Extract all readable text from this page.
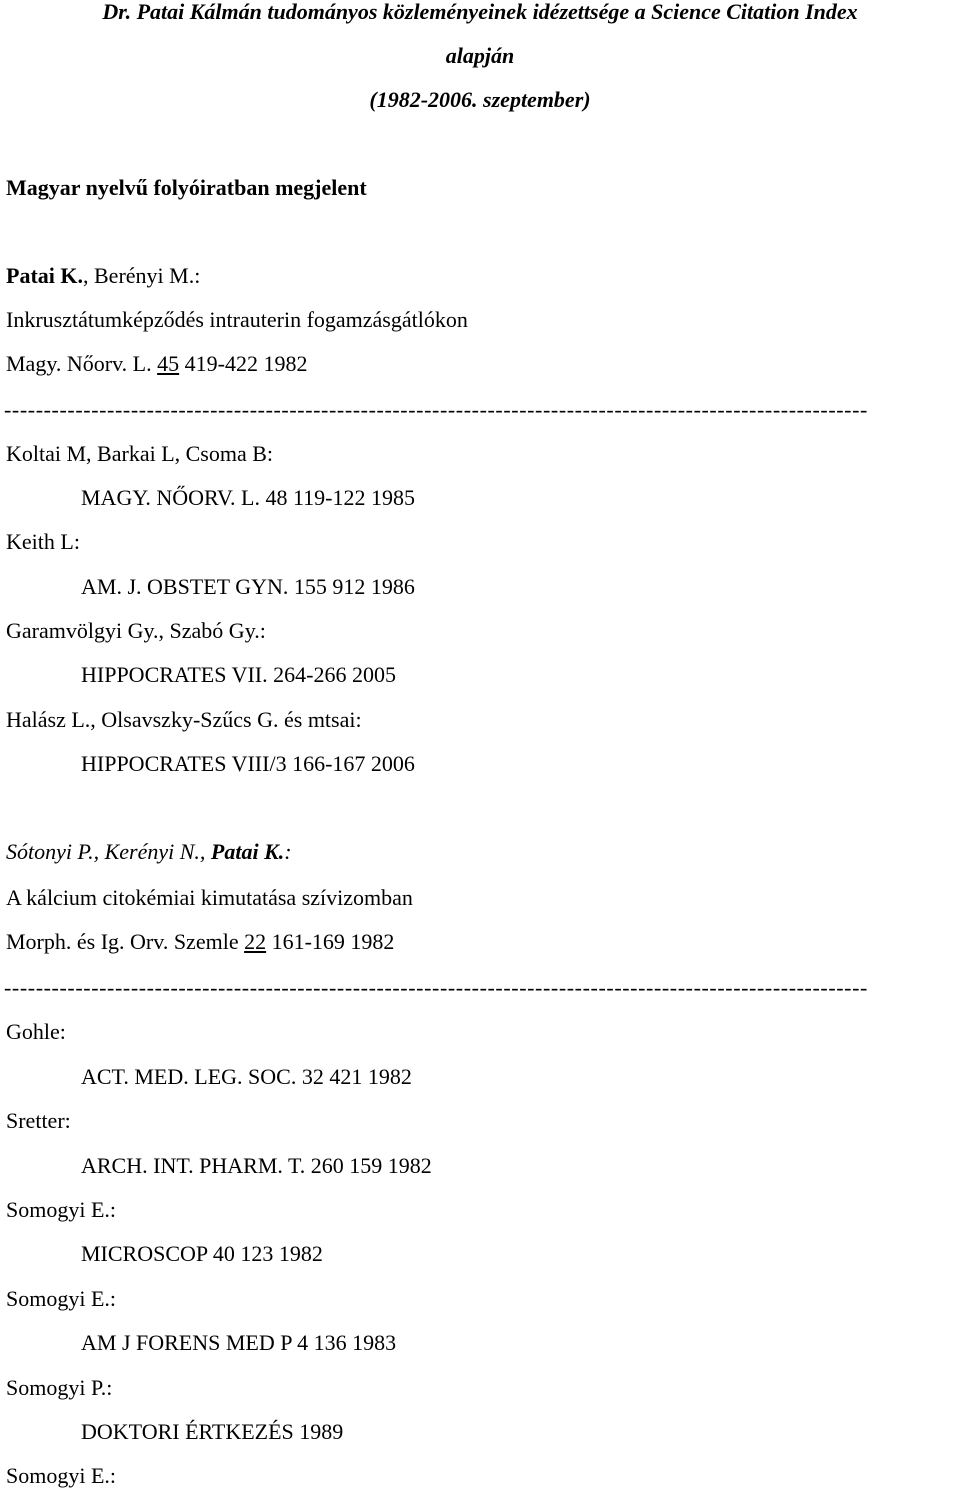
Dr. Patai Kálmán tudományos közleményeinek idézettsége a Science Citation Index
alapján
(1982-2006. szeptember)
Magyar nyelvű folyóiratban megjelent
Patai K., Berényi M.:
Inkrusztátumképződés intrauterin fogamzásgátlókon
Magy. Nőorv. L. 45 419-422 1982
-------------------------------------------------------------------------------------------------------------
Koltai M, Barkai L, Csoma B:
MAGY. NŐORV. L. 48 119-122 1985
Keith L:
AM. J. OBSTET GYN. 155 912 1986
Garamvölgyi Gy., Szabó Gy.:
HIPPOCRATES VII. 264-266 2005
Halász L., Olsavszky-Szűcs G. és mtsai:
HIPPOCRATES VIII/3 166-167 2006
Sótonyi P., Kerényi N., Patai K.:
A kálcium citokémiai kimutatása szívizomban
Morph. és Ig. Orv. Szemle 22 161-169 1982
-------------------------------------------------------------------------------------------------------------
Gohle:
ACT. MED. LEG. SOC. 32 421 1982
Sretter:
ARCH. INT. PHARM. T. 260 159 1982
Somogyi E.:
MICROSCOP 40 123 1982
Somogyi E.:
AM J FORENS MED P 4 136 1983
Somogyi P.:
DOKTORI ÉRTKEZÉS 1989
Somogyi E.:
